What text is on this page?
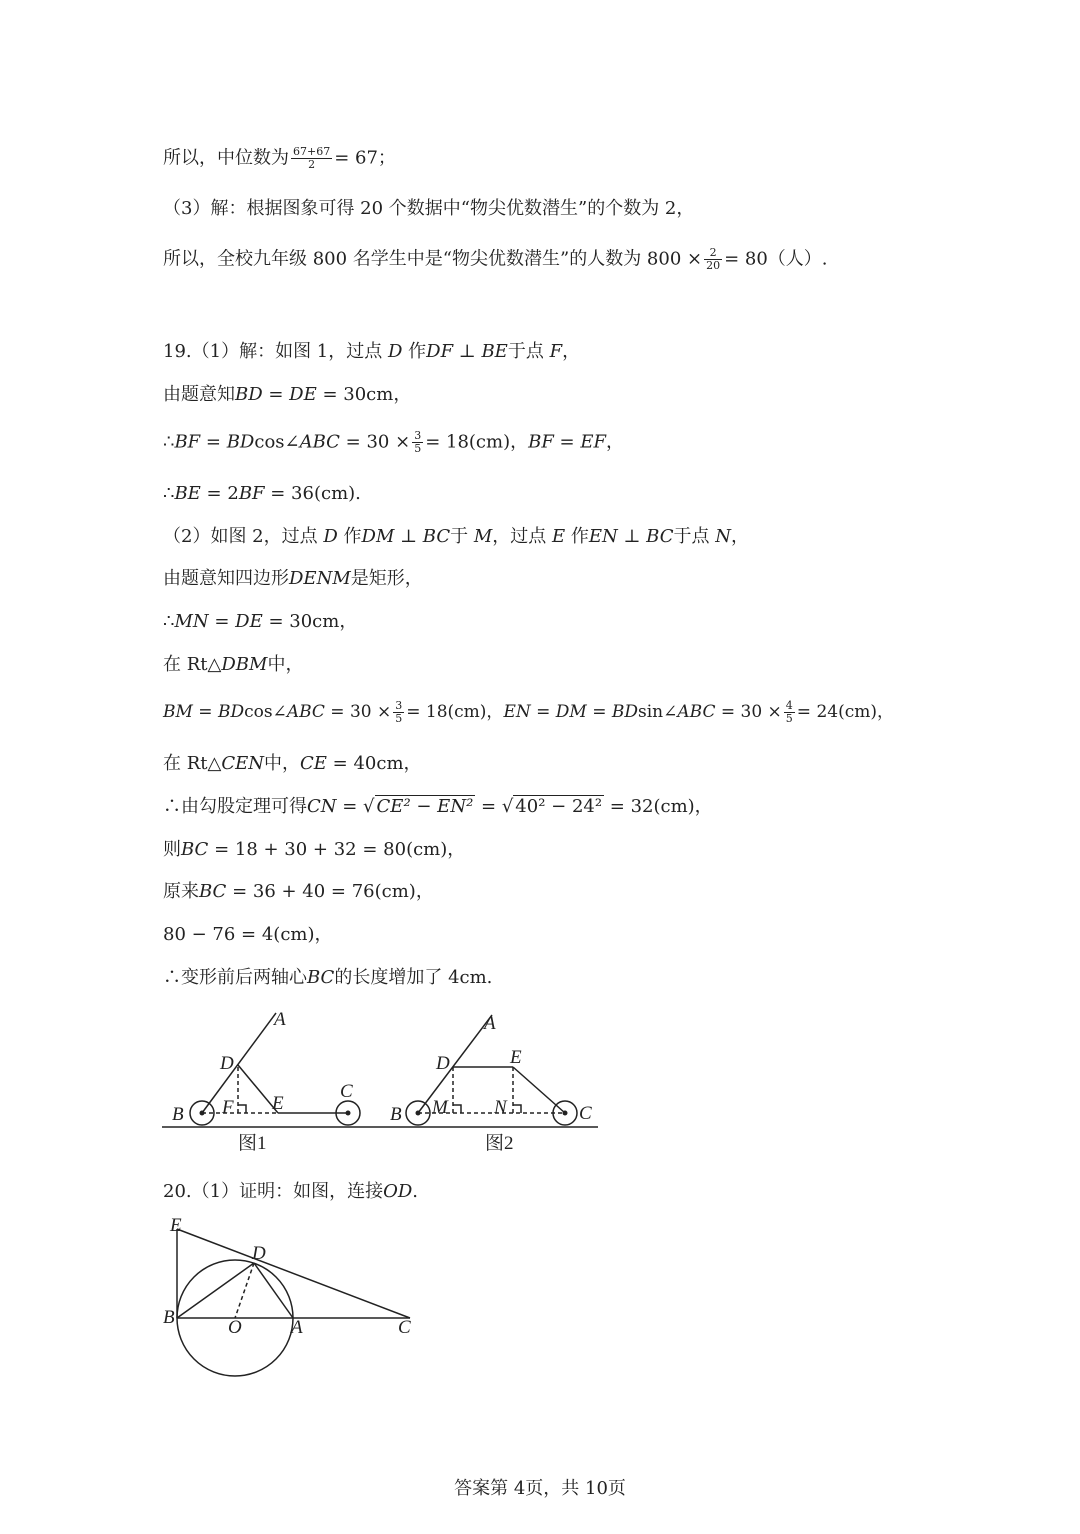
所以，中位数为 $\frac{67+67}{2} = 67$；
（3）解：根据图象可得 20 个数据中“物尖优数潜生”的个数为 2，
所以，全校九年级 800 名学生中是“物尖优数潜生”的人数为 $800 \times \frac{2}{20} = 80$（人）.
19.（1）解：如图 1，过点 D 作DF ⊥ BE于点 F，
由题意知BD = DE = 30cm，
∴BF = BDcos∠ABC = $30 \times \frac{3}{5} = 18(cm)$，BF = EF，
∴BE = 2BF = 36(cm).
（2）如图 2，过点 D 作DM ⊥ BC于 M，过点 E 作EN ⊥ BC于点 N，
由题意知四边形DENM是矩形，
∴MN = DE = 30cm，
在 Rt△DBM中，
BM = BDcos∠ABC = $30 \times \frac{3}{5} = 18(cm)$，EN = DM = BDsin∠ABC = $30 \times \frac{4}{5} = 24(cm)$，
在 Rt△CEN中，CE = 40cm，
∴由勾股定理可得CN = √ CE² − EN² = √ 40² − 24² = 32(cm)，
则BC = 18 + 30 + 32 = 80(cm)，
原来BC = 36 + 40 = 76(cm)，
80 − 76 = 4(cm)，
∴变形前后两轴心BC的长度增加了 4cm.
A
D
B F E
C
图1
A
D	E
B M N	C
图2
20.（1）证明：如图，连接OD.
E
D
B	O	A	C
答案第 4页，共 10页
